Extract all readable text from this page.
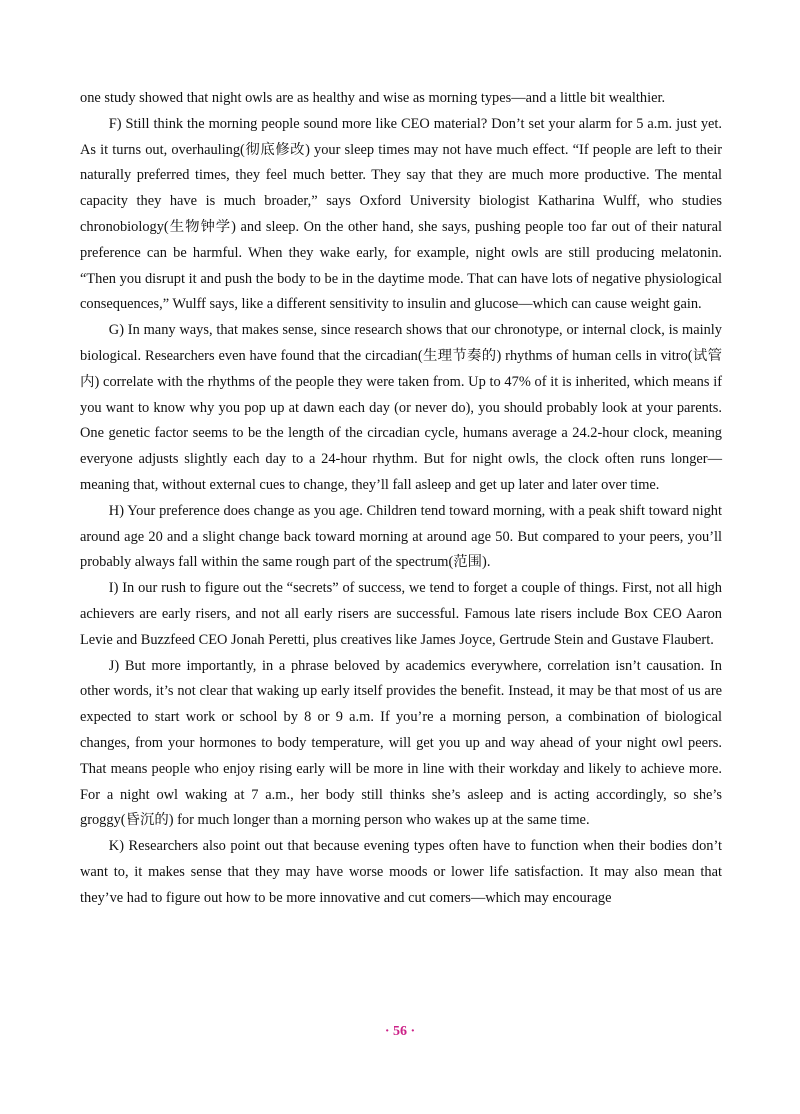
one study showed that night owls are as healthy and wise as morning types—and a little bit wealthier.

F) Still think the morning people sound more like CEO material? Don’t set your alarm for 5 a.m. just yet. As it turns out, overhauling(彻底修改) your sleep times may not have much effect. “If people are left to their naturally preferred times, they feel much better. They say that they are much more productive. The mental capacity they have is much broader,” says Oxford University biologist Katharina Wulff, who studies chronobiology(生物钟学) and sleep. On the other hand, she says, pushing people too far out of their natural preference can be harmful. When they wake early, for example, night owls are still producing melatonin. “Then you disrupt it and push the body to be in the daytime mode. That can have lots of negative physiological consequences,” Wulff says, like a different sensitivity to insulin and glucose—which can cause weight gain.

G) In many ways, that makes sense, since research shows that our chronotype, or internal clock, is mainly biological. Researchers even have found that the circadian(生理节奏的) rhythms of human cells in vitro(试管内) correlate with the rhythms of the people they were taken from. Up to 47% of it is inherited, which means if you want to know why you pop up at dawn each day (or never do), you should probably look at your parents. One genetic factor seems to be the length of the circadian cycle, humans average a 24.2-hour clock, meaning everyone adjusts slightly each day to a 24-hour rhythm. But for night owls, the clock often runs longer—meaning that, without external cues to change, they’ll fall asleep and get up later and later over time.

H) Your preference does change as you age. Children tend toward morning, with a peak shift toward night around age 20 and a slight change back toward morning at around age 50. But compared to your peers, you’ll probably always fall within the same rough part of the spectrum(范围).

I) In our rush to figure out the “secrets” of success, we tend to forget a couple of things. First, not all high achievers are early risers, and not all early risers are successful. Famous late risers include Box CEO Aaron Levie and Buzzfeed CEO Jonah Peretti, plus creatives like James Joyce, Gertrude Stein and Gustave Flaubert.

J) But more importantly, in a phrase beloved by academics everywhere, correlation isn’t causation. In other words, it’s not clear that waking up early itself provides the benefit. Instead, it may be that most of us are expected to start work or school by 8 or 9 a.m. If you’re a morning person, a combination of biological changes, from your hormones to body temperature, will get you up and way ahead of your night owl peers. That means people who enjoy rising early will be more in line with their workday and likely to achieve more. For a night owl waking at 7 a.m., her body still thinks she’s asleep and is acting accordingly, so she’s groggy(昏沉的) for much longer than a morning person who wakes up at the same time.

K) Researchers also point out that because evening types often have to function when their bodies don’t want to, it makes sense that they may have worse moods or lower life satisfaction. It may also mean that they’ve had to figure out how to be more innovative and cut comers—which may encourage

· 56 ·
